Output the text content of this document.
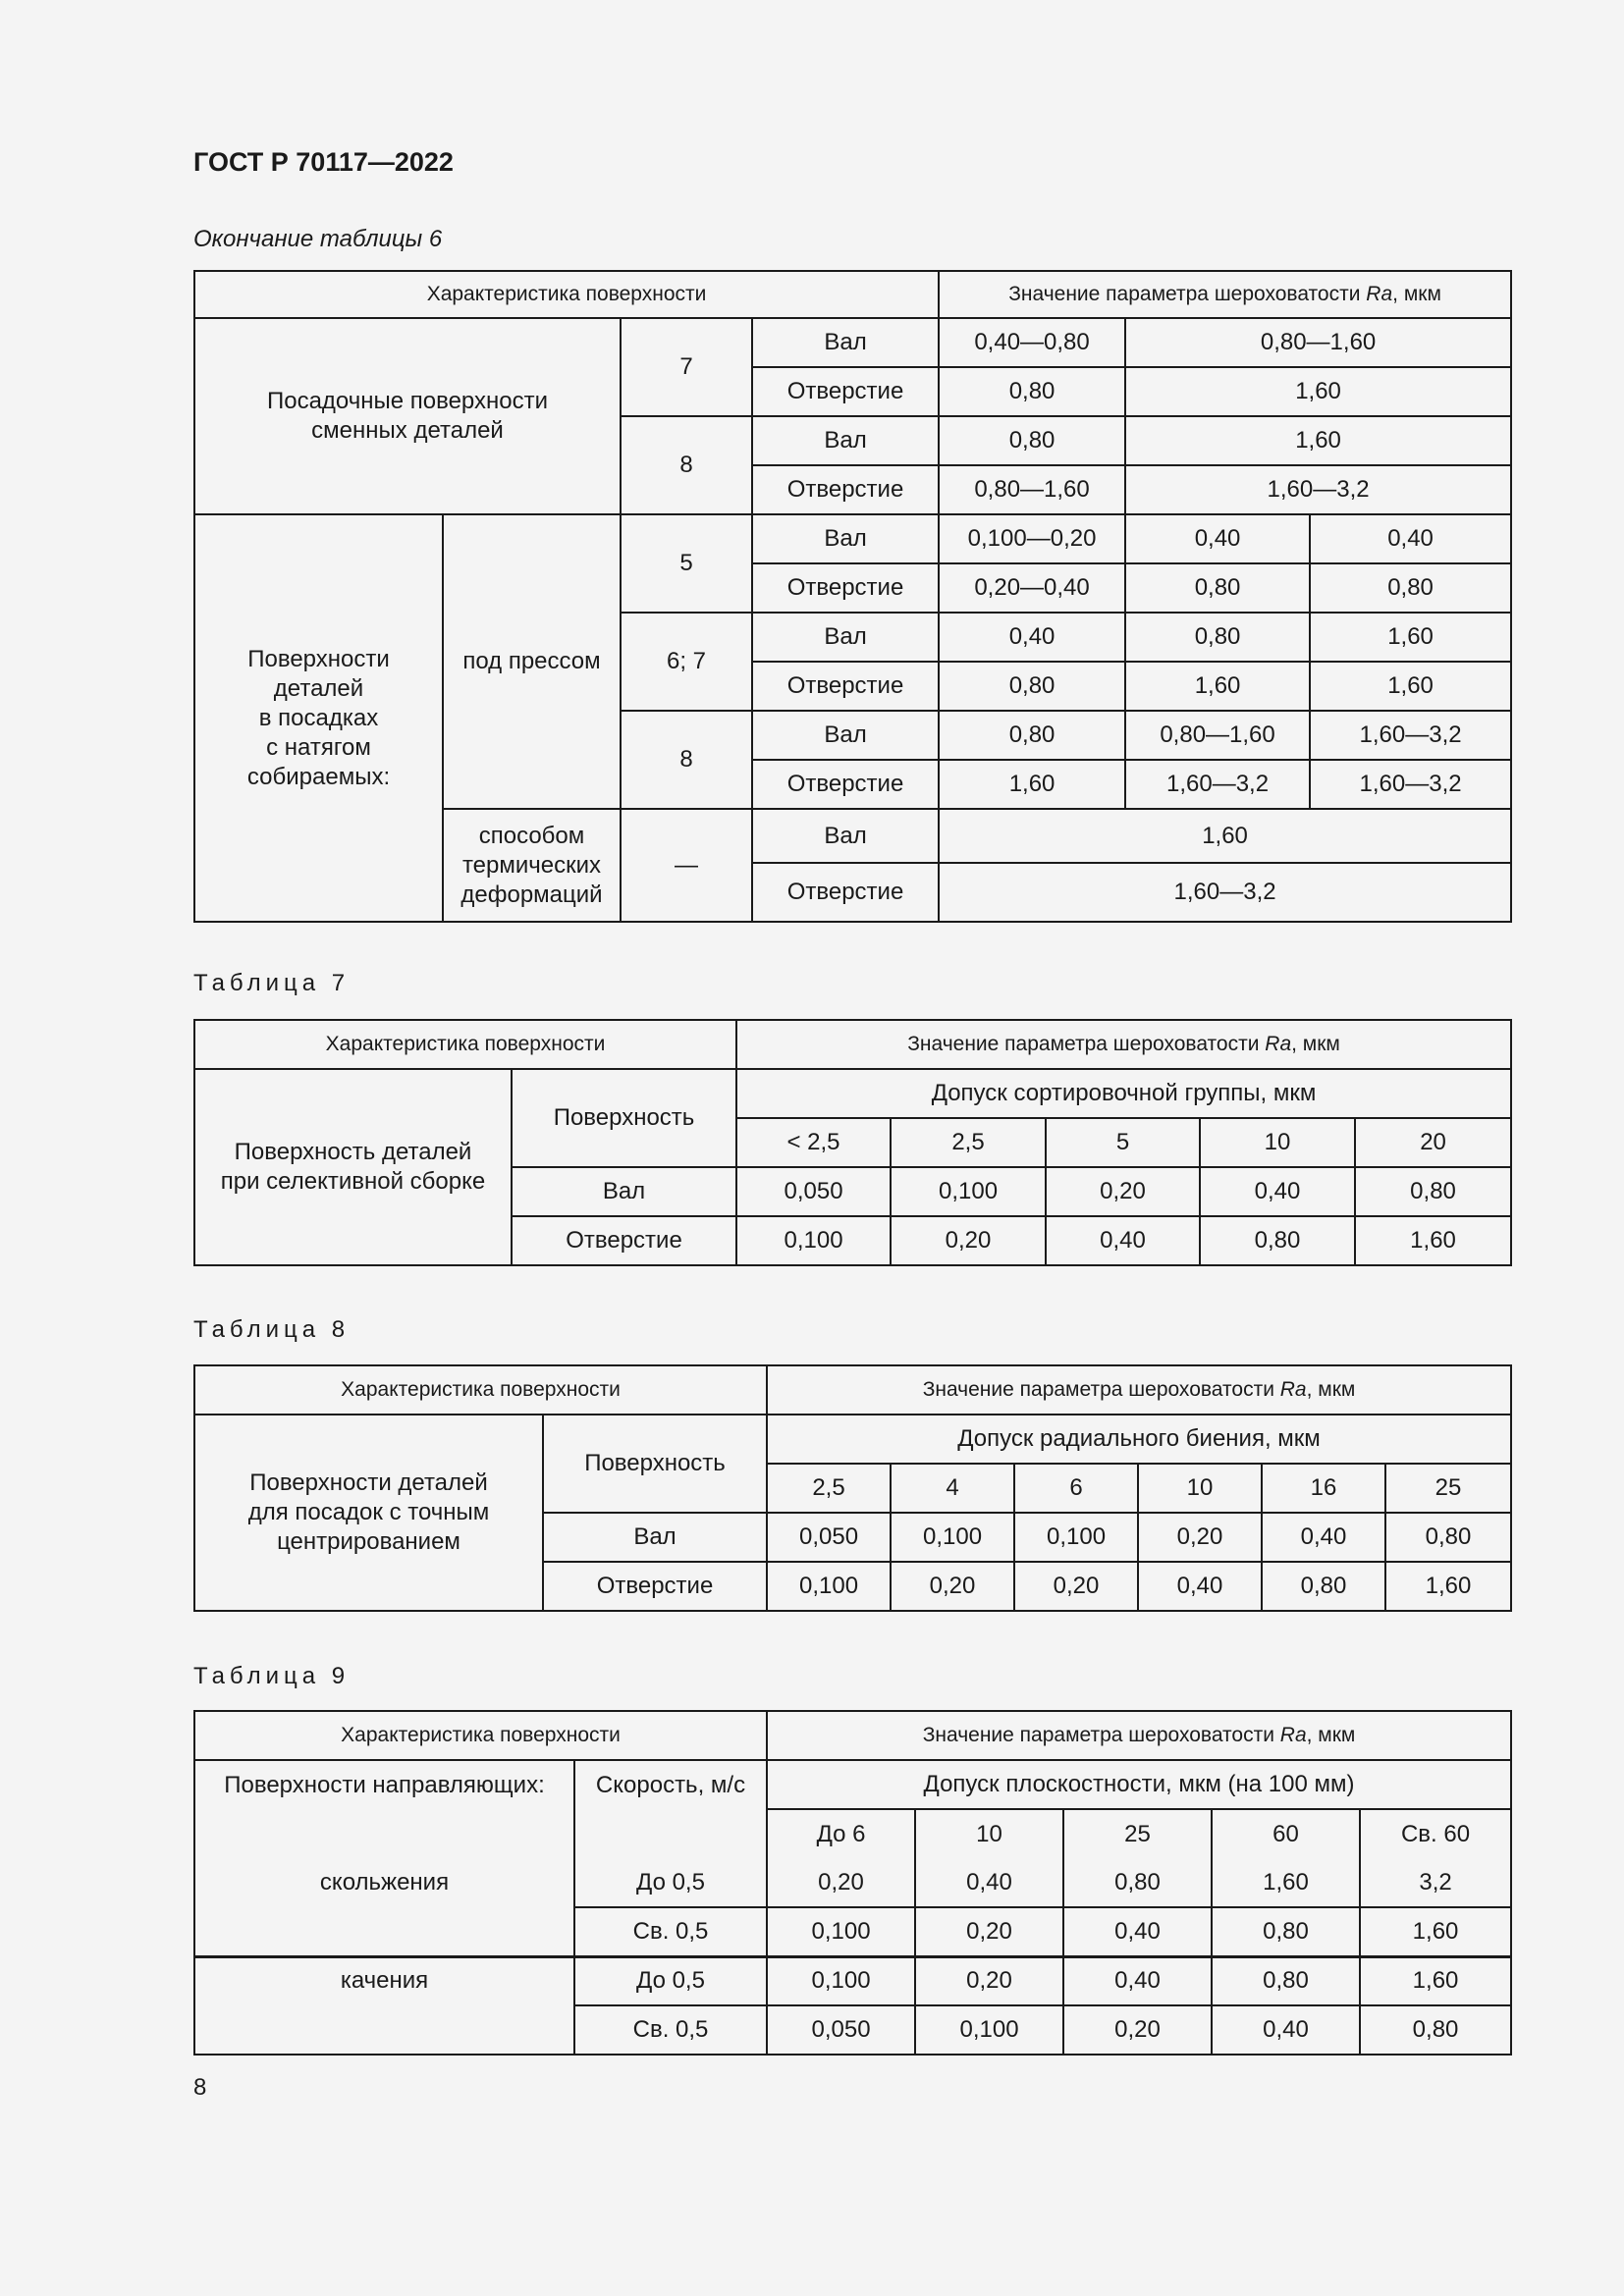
ГОСТ Р 70117—2022
Окончание таблицы 6
Характеристика поверхности				Значение параметра шероховатости Ra, мкм		
Посадочные поверхности
сменных деталей		7	Вал	0,40—0,80	0,80—1,60	
			Отверстие	0,80	1,60	
		8	Вал	0,80	1,60	
			Отверстие	0,80—1,60	1,60—3,2	
Поверхности
деталей
в посадках
с натягом
собираемых:	под прессом	5	Вал	0,100—0,20	0,40	0,40
			Отверстие	0,20—0,40	0,80	0,80
		6; 7	Вал	0,40	0,80	1,60
			Отверстие	0,80	1,60	1,60
		8	Вал	0,80	0,80—1,60	1,60—3,2
			Отверстие	1,60	1,60—3,2	1,60—3,2
	способом
термических
деформаций	—	Вал	1,60		
			Отверстие	1,60—3,2		
Таблица 7
Характеристика поверхности		Значение параметра шероховатости Ra, мкм				
Поверхность деталей
при селективной сборке	Поверхность	Допуск сортировочной группы, мкм				
		< 2,5	2,5	5	10	20
	Вал	0,050	0,100	0,20	0,40	0,80
	Отверстие	0,100	0,20	0,40	0,80	1,60
Таблица 8
Характеристика поверхности		Значение параметра шероховатости Ra, мкм					
Поверхности деталей
для посадок с точным
центрированием	Поверхность	Допуск радиального биения, мкм					
		2,5	4	6	10	16	25
	Вал	0,050	0,100	0,100	0,20	0,40	0,80
	Отверстие	0,100	0,20	0,20	0,40	0,80	1,60
Таблица 9
Характеристика поверхности		Значение параметра шероховатости Ra, мкм				
Поверхности направляющих:	Скорость, м/с	Допуск плоскостности, мкм (на 100 мм)				
		До 6	10	25	60	Св. 60
скольжения	До 0,5	0,20	0,40	0,80	1,60	3,2
	Св. 0,5	0,100	0,20	0,40	0,80	1,60
качения	До 0,5	0,100	0,20	0,40	0,80	1,60
	Св. 0,5	0,050	0,100	0,20	0,40	0,80
8
